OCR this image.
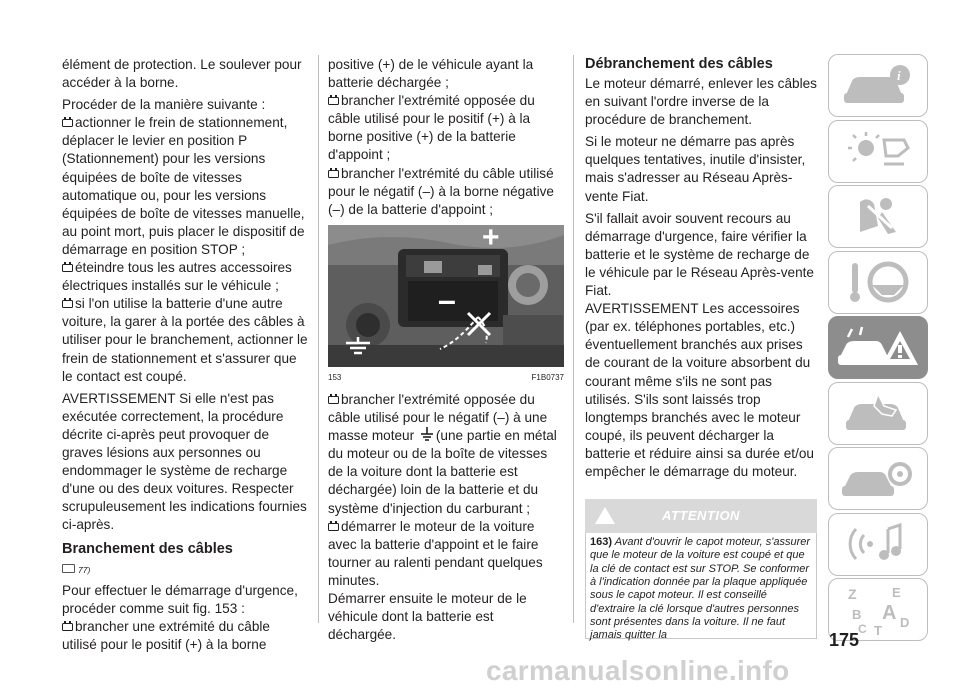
élément de protection. Le soulever pour accéder à la borne.

Procéder de la manière suivante :

actionner le frein de stationnement, déplacer le levier en position P (Stationnement) pour les versions équipées de boîte de vitesses automatique ou, pour les versions équipées de boîte de vitesses manuelle, au point mort, puis placer le dispositif de démarrage en position STOP ;

éteindre tous les autres accessoires électriques installés sur le véhicule ;

si l'on utilise la batterie d'une autre voiture, la garer à la portée des câbles à utiliser pour le branchement, actionner le frein de stationnement et s'assurer que le contact est coupé.

AVERTISSEMENT Si elle n'est pas exécutée correctement, la procédure décrite ci-après peut provoquer de graves lésions aux personnes ou endommager le système de recharge d'une ou des deux voitures. Respecter scrupuleusement les indications fournies ci-après.

Branchement des câbles
77)

Pour effectuer le démarrage d'urgence, procéder comme suit fig. 153 :

brancher une extrémité du câble utilisé pour le positif (+) à la borne

positive (+) de le véhicule ayant la batterie déchargée ;

brancher l'extrémité opposée du câble utilisé pour le positif (+) à la borne positive (+) de la batterie d'appoint ;

brancher l'extrémité du câble utilisé pour le négatif (–) à la borne négative (–) de la batterie d'appoint ;

+
–
153	F1B0737

brancher l'extrémité opposée du câble utilisé pour le négatif (–) à une masse moteur (une partie en métal du moteur ou de la boîte de vitesses de la voiture dont la batterie est déchargée) loin de la batterie et du système d'injection du carburant ;

démarrer le moteur de la voiture avec la batterie d'appoint et le faire tourner au ralenti pendant quelques minutes.

Démarrer ensuite le moteur de le véhicule dont la batterie est déchargée.

Débranchement des câbles

Le moteur démarré, enlever les câbles en suivant l'ordre inverse de la procédure de branchement.

Si le moteur ne démarre pas après quelques tentatives, inutile d'insister, mais s'adresser au Réseau Après-vente Fiat.

S'il fallait avoir souvent recours au démarrage d'urgence, faire vérifier la batterie et le système de recharge de le véhicule par le Réseau Après-vente Fiat.

AVERTISSEMENT Les accessoires (par ex. téléphones portables, etc.) éventuellement branchés aux prises de courant de la voiture absorbent du courant même s'ils ne sont pas utilisés. S'ils sont laissés trop longtemps branchés avec le moteur coupé, ils peuvent décharger la batterie et réduire ainsi sa durée et/ou empêcher le démarrage du moteur.

ATTENTION
163) Avant d'ouvrir le capot moteur, s'assurer que le moteur de la voiture est coupé et que la clé de contact est sur STOP. Se conformer à l'indication donnée par la plaque appliquée sous le capot moteur. Il est conseillé d'extraire la clé lorsque d'autres personnes sont présentes dans la voiture. Il ne faut jamais quitter la
i
Z	E
B A
C T
D
175
carmanualsonline.info
